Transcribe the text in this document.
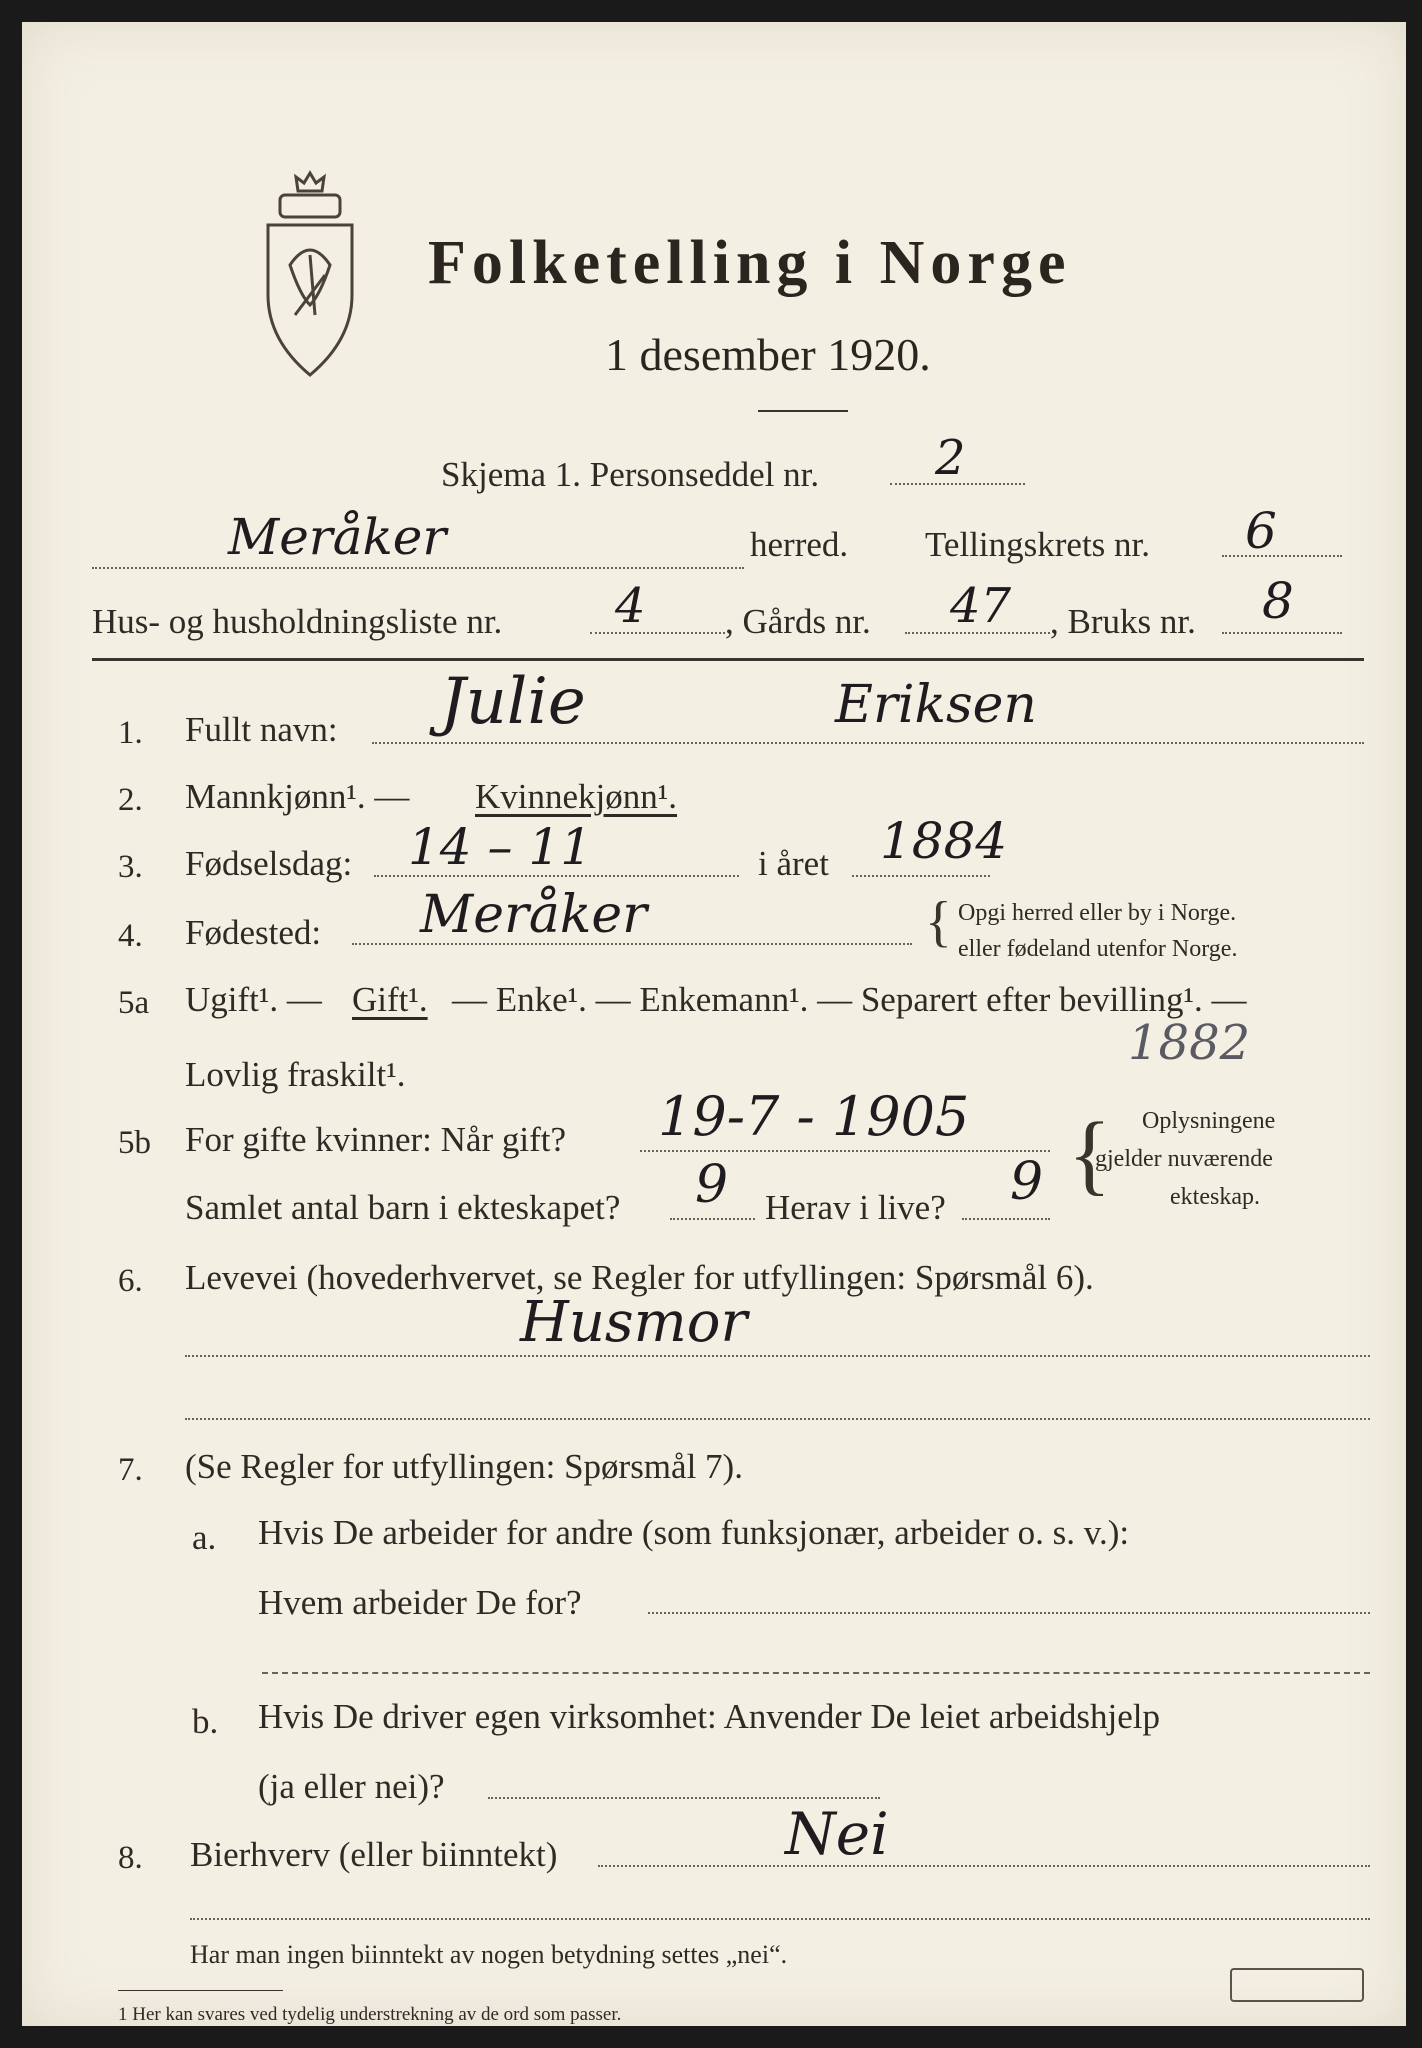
Folketelling i Norge
1 desember 1920.
Skjema 1. Personseddel nr. 2
Meråker	herred. Tellingskrets nr. 6
Hus- og husholdningsliste nr. 4 , Gårds nr. 47 , Bruks nr. 8
1. Fullt navn: Julie	Eriksen
2. Mannkjønn¹. — Kvinnekjønn¹.
3. Fødselsdag: 14 – 11	i året 1884
4. Fødested: Meråker	{ Opgi herred eller by i Norge.
eller fødeland utenfor Norge.
5a Ugift¹. — Gift¹. — Enke¹. — Enkemann¹. — Separert efter bevilling¹. —
Lovlig fraskilt¹.
1882
5b For gifte kvinner: Når gift? 19-7 - 1905
Samlet antal barn i ekteskapet? 9 Herav i live? 9 { Oplysningene
gjelder nuværende
ekteskap.
6. Levevei (hovederhvervet, se Regler for utfyllingen: Spørsmål 6).
Husmor
7. (Se Regler for utfyllingen: Spørsmål 7).
a. Hvis De arbeider for andre (som funksjonær, arbeider o. s. v.):
Hvem arbeider De for?
b. Hvis De driver egen virksomhet: Anvender De leiet arbeidshjelp
(ja eller nei)?
8. Bierhverv (eller biinntekt)	Nei
Har man ingen biinntekt av nogen betydning settes „nei“.
1 Her kan svares ved tydelig understrekning av de ord som passer.
